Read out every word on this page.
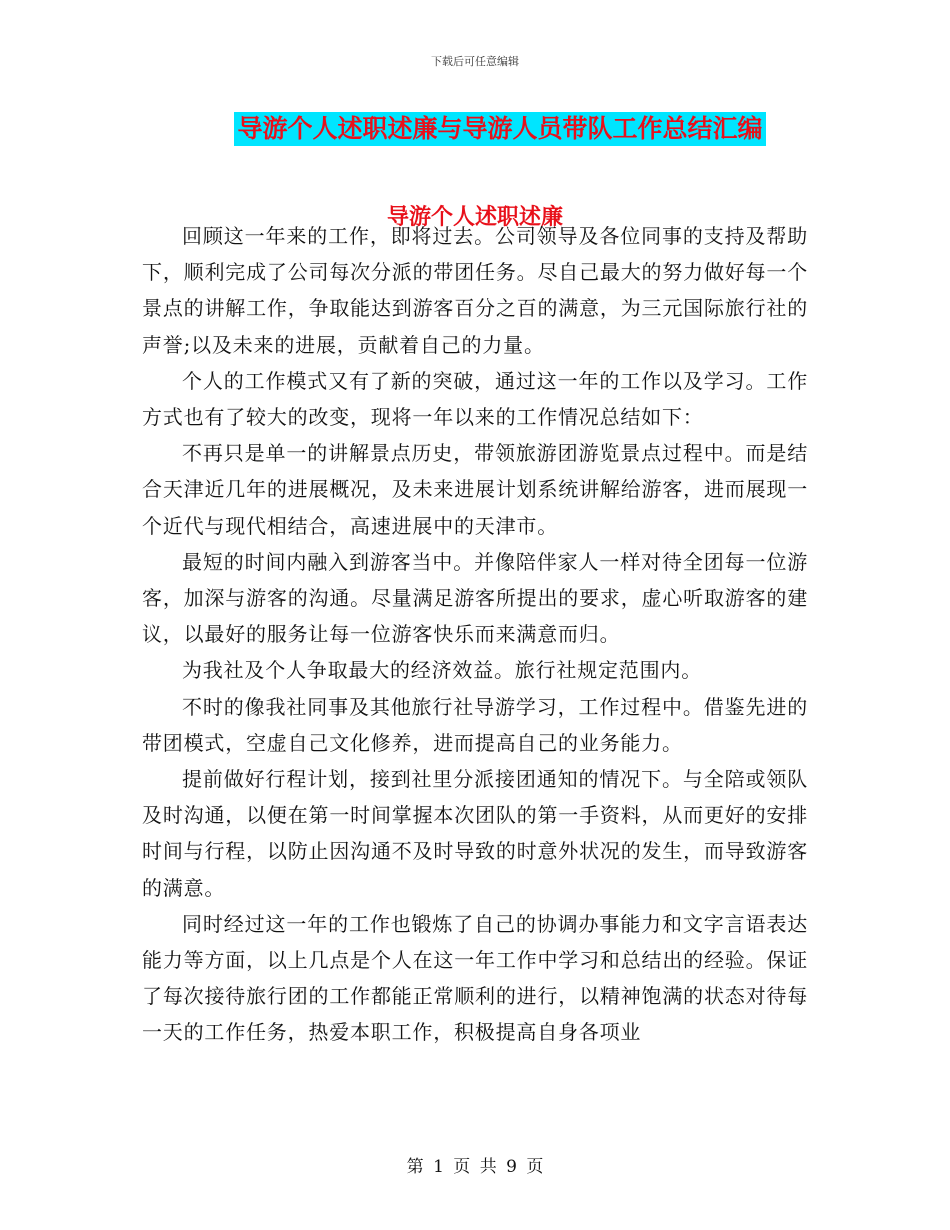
下载后可任意编辑
导游个人述职述廉与导游人员带队工作总结汇编
导游个人述职述廉

回顾这一年来的工作，即将过去。公司领导及各位同事的支持及帮助下，顺利完成了公司每次分派的带团任务。尽自己最大的努力做好每一个景点的讲解工作，争取能达到游客百分之百的满意，为三元国际旅行社的声誉;以及未来的进展，贡献着自己的力量。

个人的工作模式又有了新的突破，通过这一年的工作以及学习。工作方式也有了较大的改变，现将一年以来的工作情况总结如下：

不再只是单一的讲解景点历史，带领旅游团游览景点过程中。而是结合天津近几年的进展概况，及未来进展计划系统讲解给游客，进而展现一个近代与现代相结合，高速进展中的天津市。

最短的时间内融入到游客当中。并像陪伴家人一样对待全团每一位游客，加深与游客的沟通。尽量满足游客所提出的要求，虚心听取游客的建议，以最好的服务让每一位游客快乐而来满意而归。

为我社及个人争取最大的经济效益。旅行社规定范围内。

不时的像我社同事及其他旅行社导游学习，工作过程中。借鉴先进的带团模式，空虚自己文化修养，进而提高自己的业务能力。

提前做好行程计划，接到社里分派接团通知的情况下。与全陪或领队及时沟通，以便在第一时间掌握本次团队的第一手资料，从而更好的安排时间与行程，以防止因沟通不及时导致的时意外状况的发生，而导致游客的满意。

同时经过这一年的工作也锻炼了自己的协调办事能力和文字言语表达能力等方面，以上几点是个人在这一年工作中学习和总结出的经验。保证了每次接待旅行团的工作都能正常顺利的进行，以精神饱满的状态对待每一天的工作任务，热爱本职工作，积极提高自身各项业

第 1 页 共 9 页
